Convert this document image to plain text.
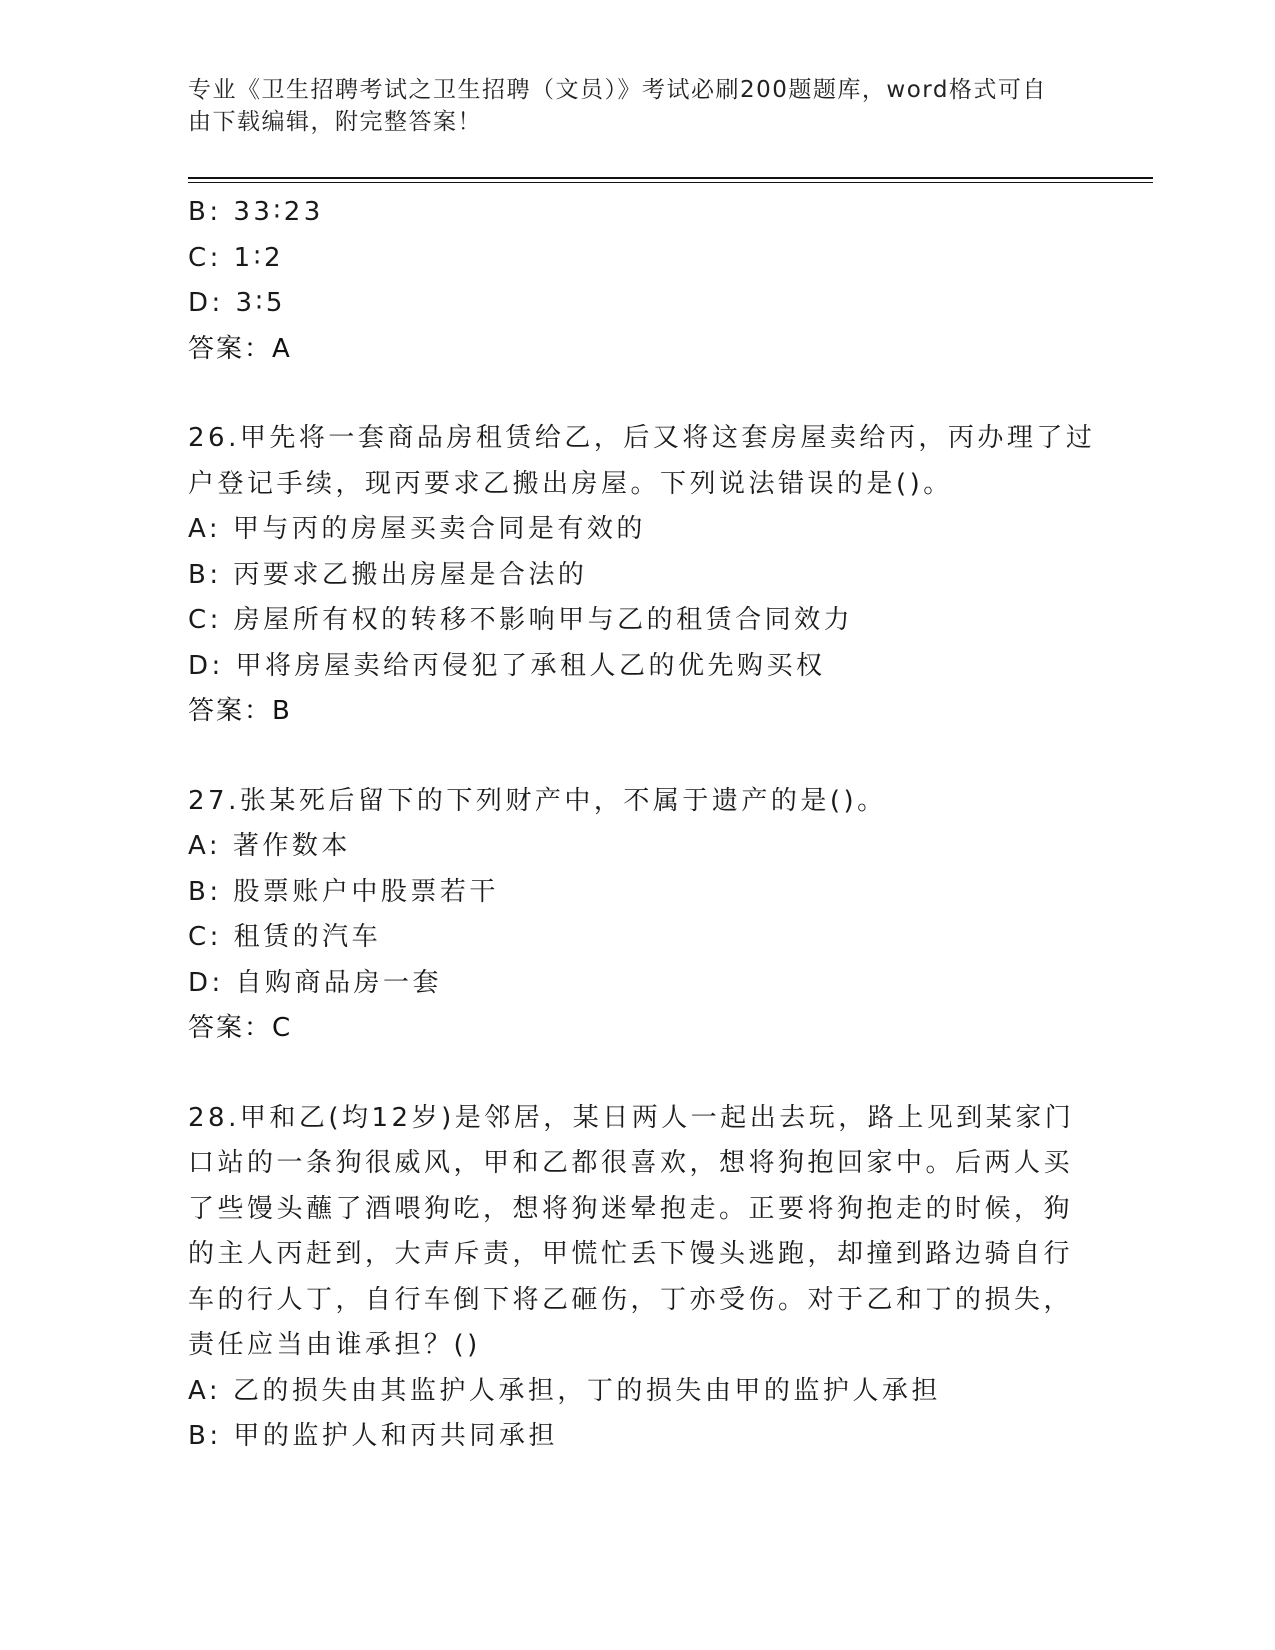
专业《卫生招聘考试之卫生招聘（文员）》考试必刷200题题库，word格式可自由下载编辑，附完整答案！
B: 33∶23
C: 1∶2
D: 3∶5
答案：A
26.甲先将一套商品房租赁给乙，后又将这套房屋卖给丙，丙办理了过
户登记手续，现丙要求乙搬出房屋。下列说法错误的是()。
A: 甲与丙的房屋买卖合同是有效的
B: 丙要求乙搬出房屋是合法的
C: 房屋所有权的转移不影响甲与乙的租赁合同效力
D: 甲将房屋卖给丙侵犯了承租人乙的优先购买权
答案：B
27.张某死后留下的下列财产中，不属于遗产的是()。
A: 著作数本
B: 股票账户中股票若干
C: 租赁的汽车
D: 自购商品房一套
答案：C
28.甲和乙(均12岁)是邻居，某日两人一起出去玩，路上见到某家门
口站的一条狗很威风，甲和乙都很喜欢，想将狗抱回家中。后两人买
了些馒头蘸了酒喂狗吃，想将狗迷晕抱走。正要将狗抱走的时候，狗
的主人丙赶到，大声斥责，甲慌忙丢下馒头逃跑，却撞到路边骑自行
车的行人丁，自行车倒下将乙砸伤，丁亦受伤。对于乙和丁的损失，
责任应当由谁承担？()
A: 乙的损失由其监护人承担，丁的损失由甲的监护人承担
B: 甲的监护人和丙共同承担
